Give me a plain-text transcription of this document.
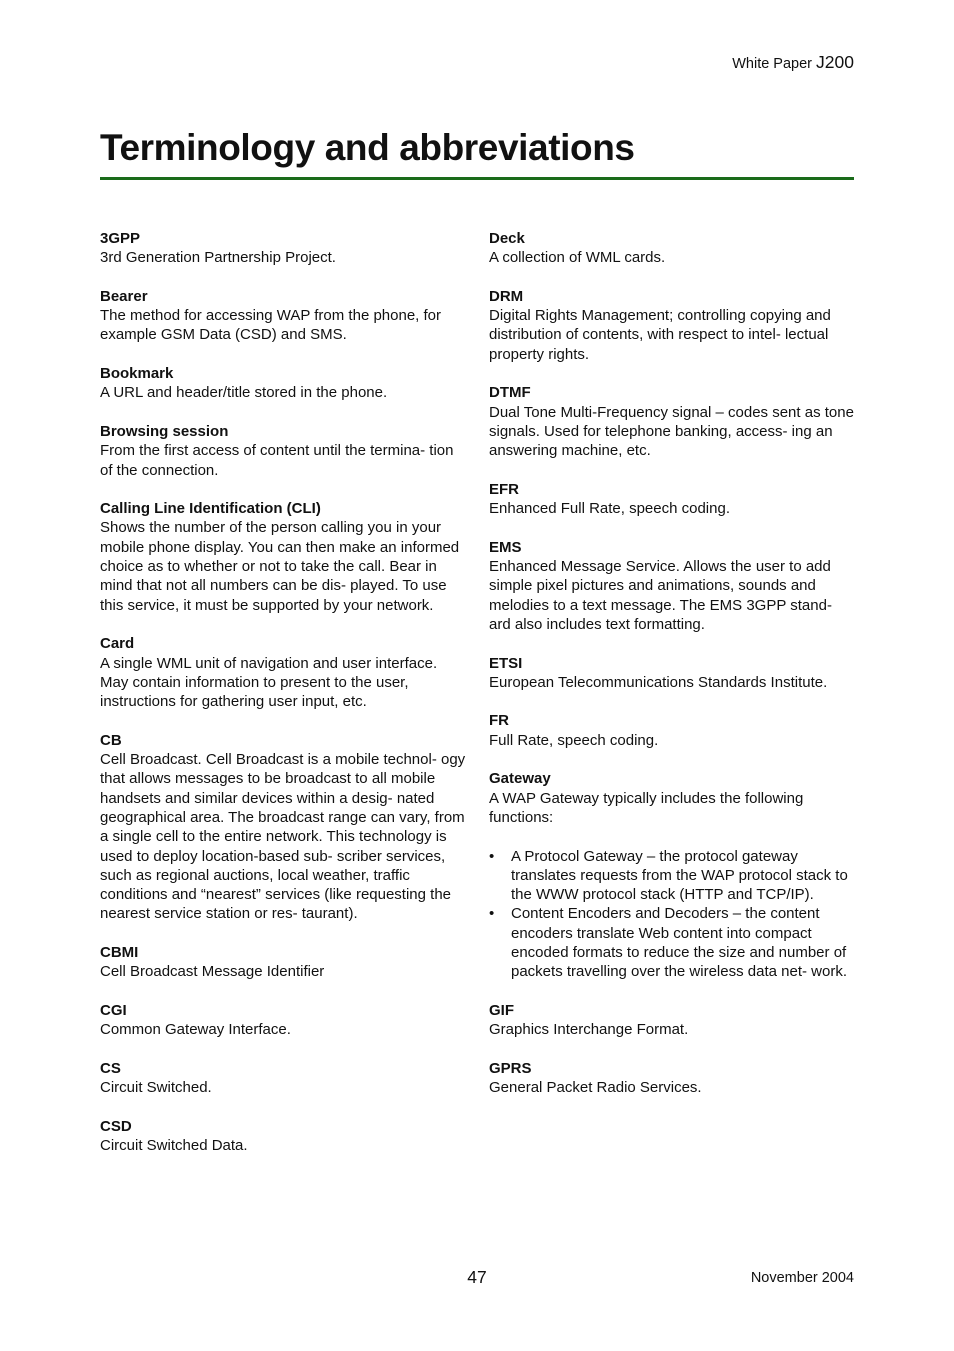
White Paper J200
Terminology and abbreviations
3GPP
3rd Generation Partnership Project.
Bearer
The method for accessing WAP from the phone, for example GSM Data (CSD) and SMS.
Bookmark
A URL and header/title stored in the phone.
Browsing session
From the first access of content until the termina- tion of the connection.
Calling Line Identification (CLI)
Shows the number of the person calling you in your mobile phone display. You can then make an informed choice as to whether or not to take the call. Bear in mind that not all numbers can be dis- played. To use this service, it must be supported by your network.
Card
A single WML unit of navigation and user interface. May contain information to present to the user, instructions for gathering user input, etc.
CB
Cell Broadcast. Cell Broadcast is a mobile technol- ogy that allows messages to be broadcast to all mobile handsets and similar devices within a desig- nated geographical area. The broadcast range can vary, from a single cell to the entire network. This technology is used to deploy location-based sub- scriber services, such as regional auctions, local weather, traffic conditions and “nearest” services (like requesting the nearest service station or res- taurant).
CBMI
Cell Broadcast Message Identifier
CGI
Common Gateway Interface.
CS
Circuit Switched.
CSD
Circuit Switched Data.
Deck
A collection of WML cards.
DRM
Digital Rights Management; controlling copying and distribution of contents, with respect to intel- lectual property rights.
DTMF
Dual Tone Multi-Frequency signal – codes sent as tone signals. Used for telephone banking, access- ing an answering machine, etc.
EFR
Enhanced Full Rate, speech coding.
EMS
Enhanced Message Service. Allows the user to add simple pixel pictures and animations, sounds and melodies to a text message. The EMS 3GPP stand- ard also includes text formatting.
ETSI
European Telecommunications Standards Institute.
FR
Full Rate, speech coding.
Gateway
A WAP Gateway typically includes the following functions:
• A Protocol Gateway – the protocol gateway translates requests from the WAP protocol stack to the WWW protocol stack (HTTP and TCP/IP).
• Content Encoders and Decoders – the content encoders translate Web content into compact encoded formats to reduce the size and number of packets travelling over the wireless data net- work.
GIF
Graphics Interchange Format.
GPRS
General Packet Radio Services.
47	November 2004
